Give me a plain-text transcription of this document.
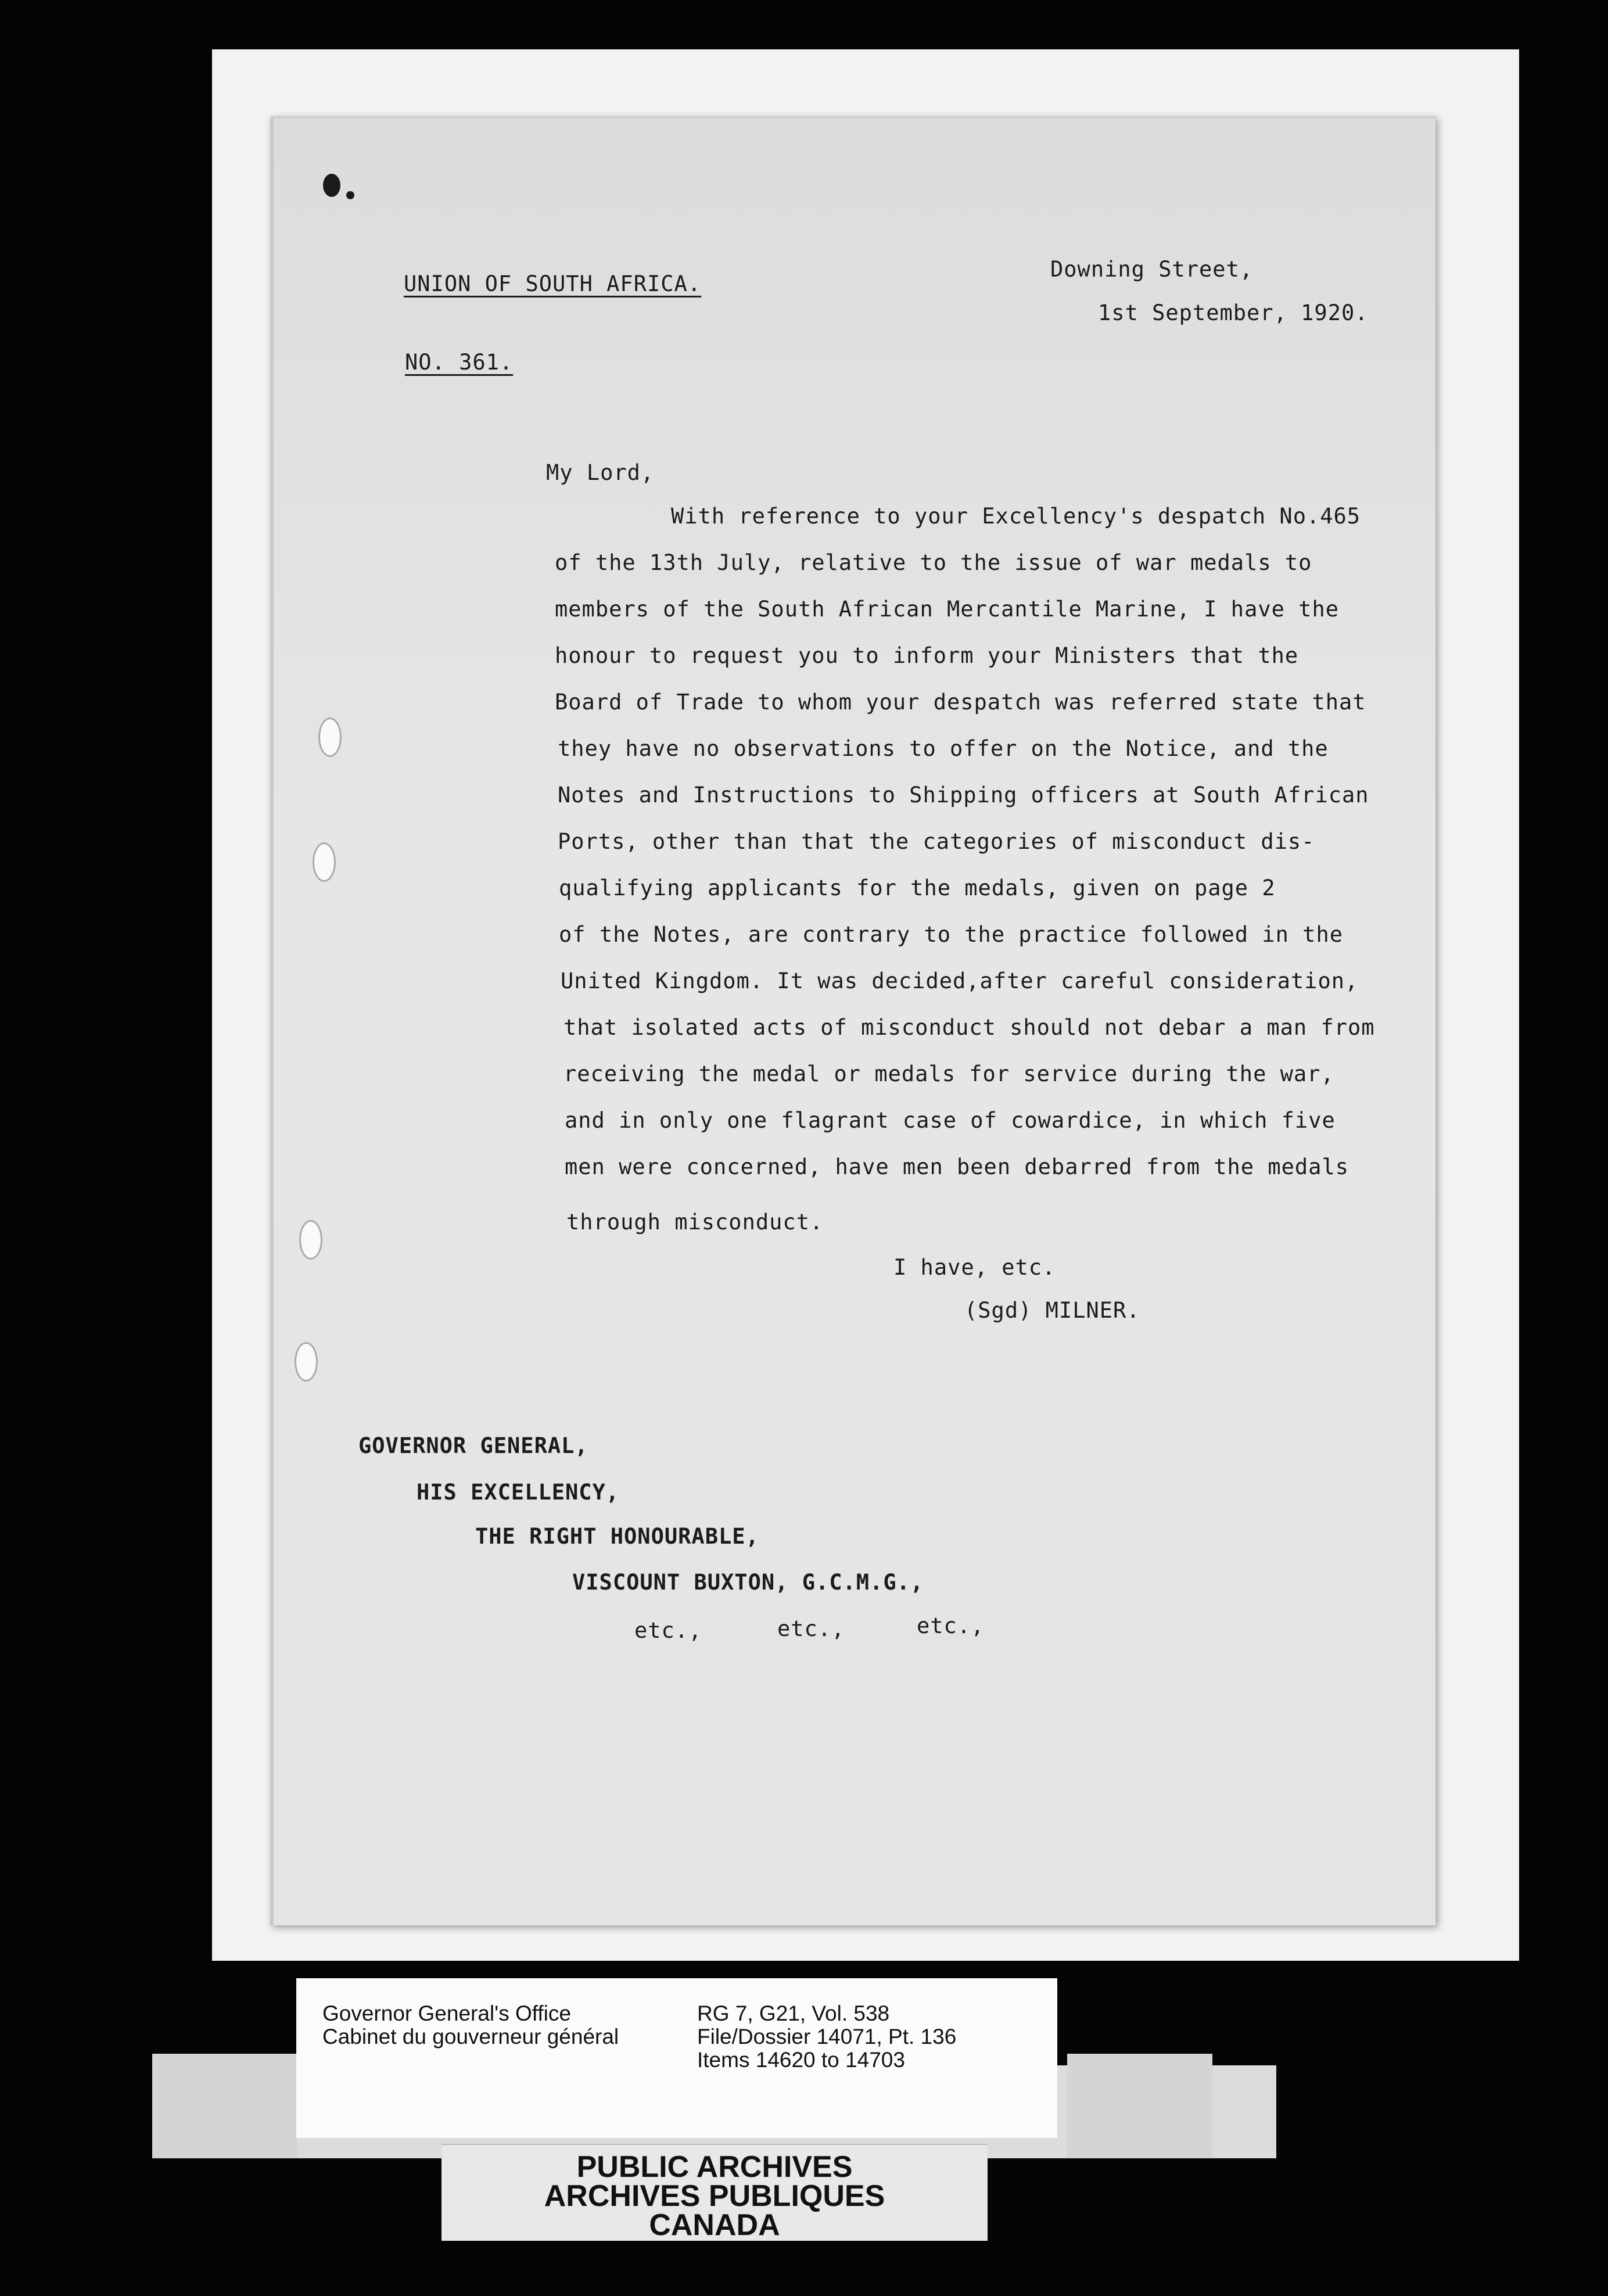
UNION OF SOUTH AFRICA.
NO. 361.
Downing Street,
1st September, 1920.
My Lord,
With reference to your Excellency's despatch No.465
of the 13th July, relative to the issue of war medals to
members of the South African Mercantile Marine, I have the
honour to request you to inform your Ministers that the
Board of Trade to whom your despatch was referred state that
they have no observations to offer on the Notice, and the
Notes and Instructions to Shipping officers at South African
Ports, other than that the categories of misconduct dis-
qualifying applicants for the medals, given on page 2
of the Notes, are contrary to the practice followed in the
United Kingdom. It was decided,after careful consideration,
that isolated acts of misconduct should not debar a man from
receiving the medal or medals for service during the war,
and in only one flagrant case of cowardice, in which five
men were concerned, have men been debarred from the medals
through misconduct.
I have, etc.
(Sgd) MILNER.
GOVERNOR GENERAL,
HIS EXCELLENCY,
THE RIGHT HONOURABLE,
VISCOUNT BUXTON, G.C.M.G.,
etc.,	etc.,	etc.,
Governor General's Office
Cabinet du gouverneur général
RG 7, G21, Vol. 538
File/Dossier 14071, Pt. 136
Items 14620 to 14703
PUBLIC ARCHIVES
ARCHIVES PUBLIQUES
CANADA
